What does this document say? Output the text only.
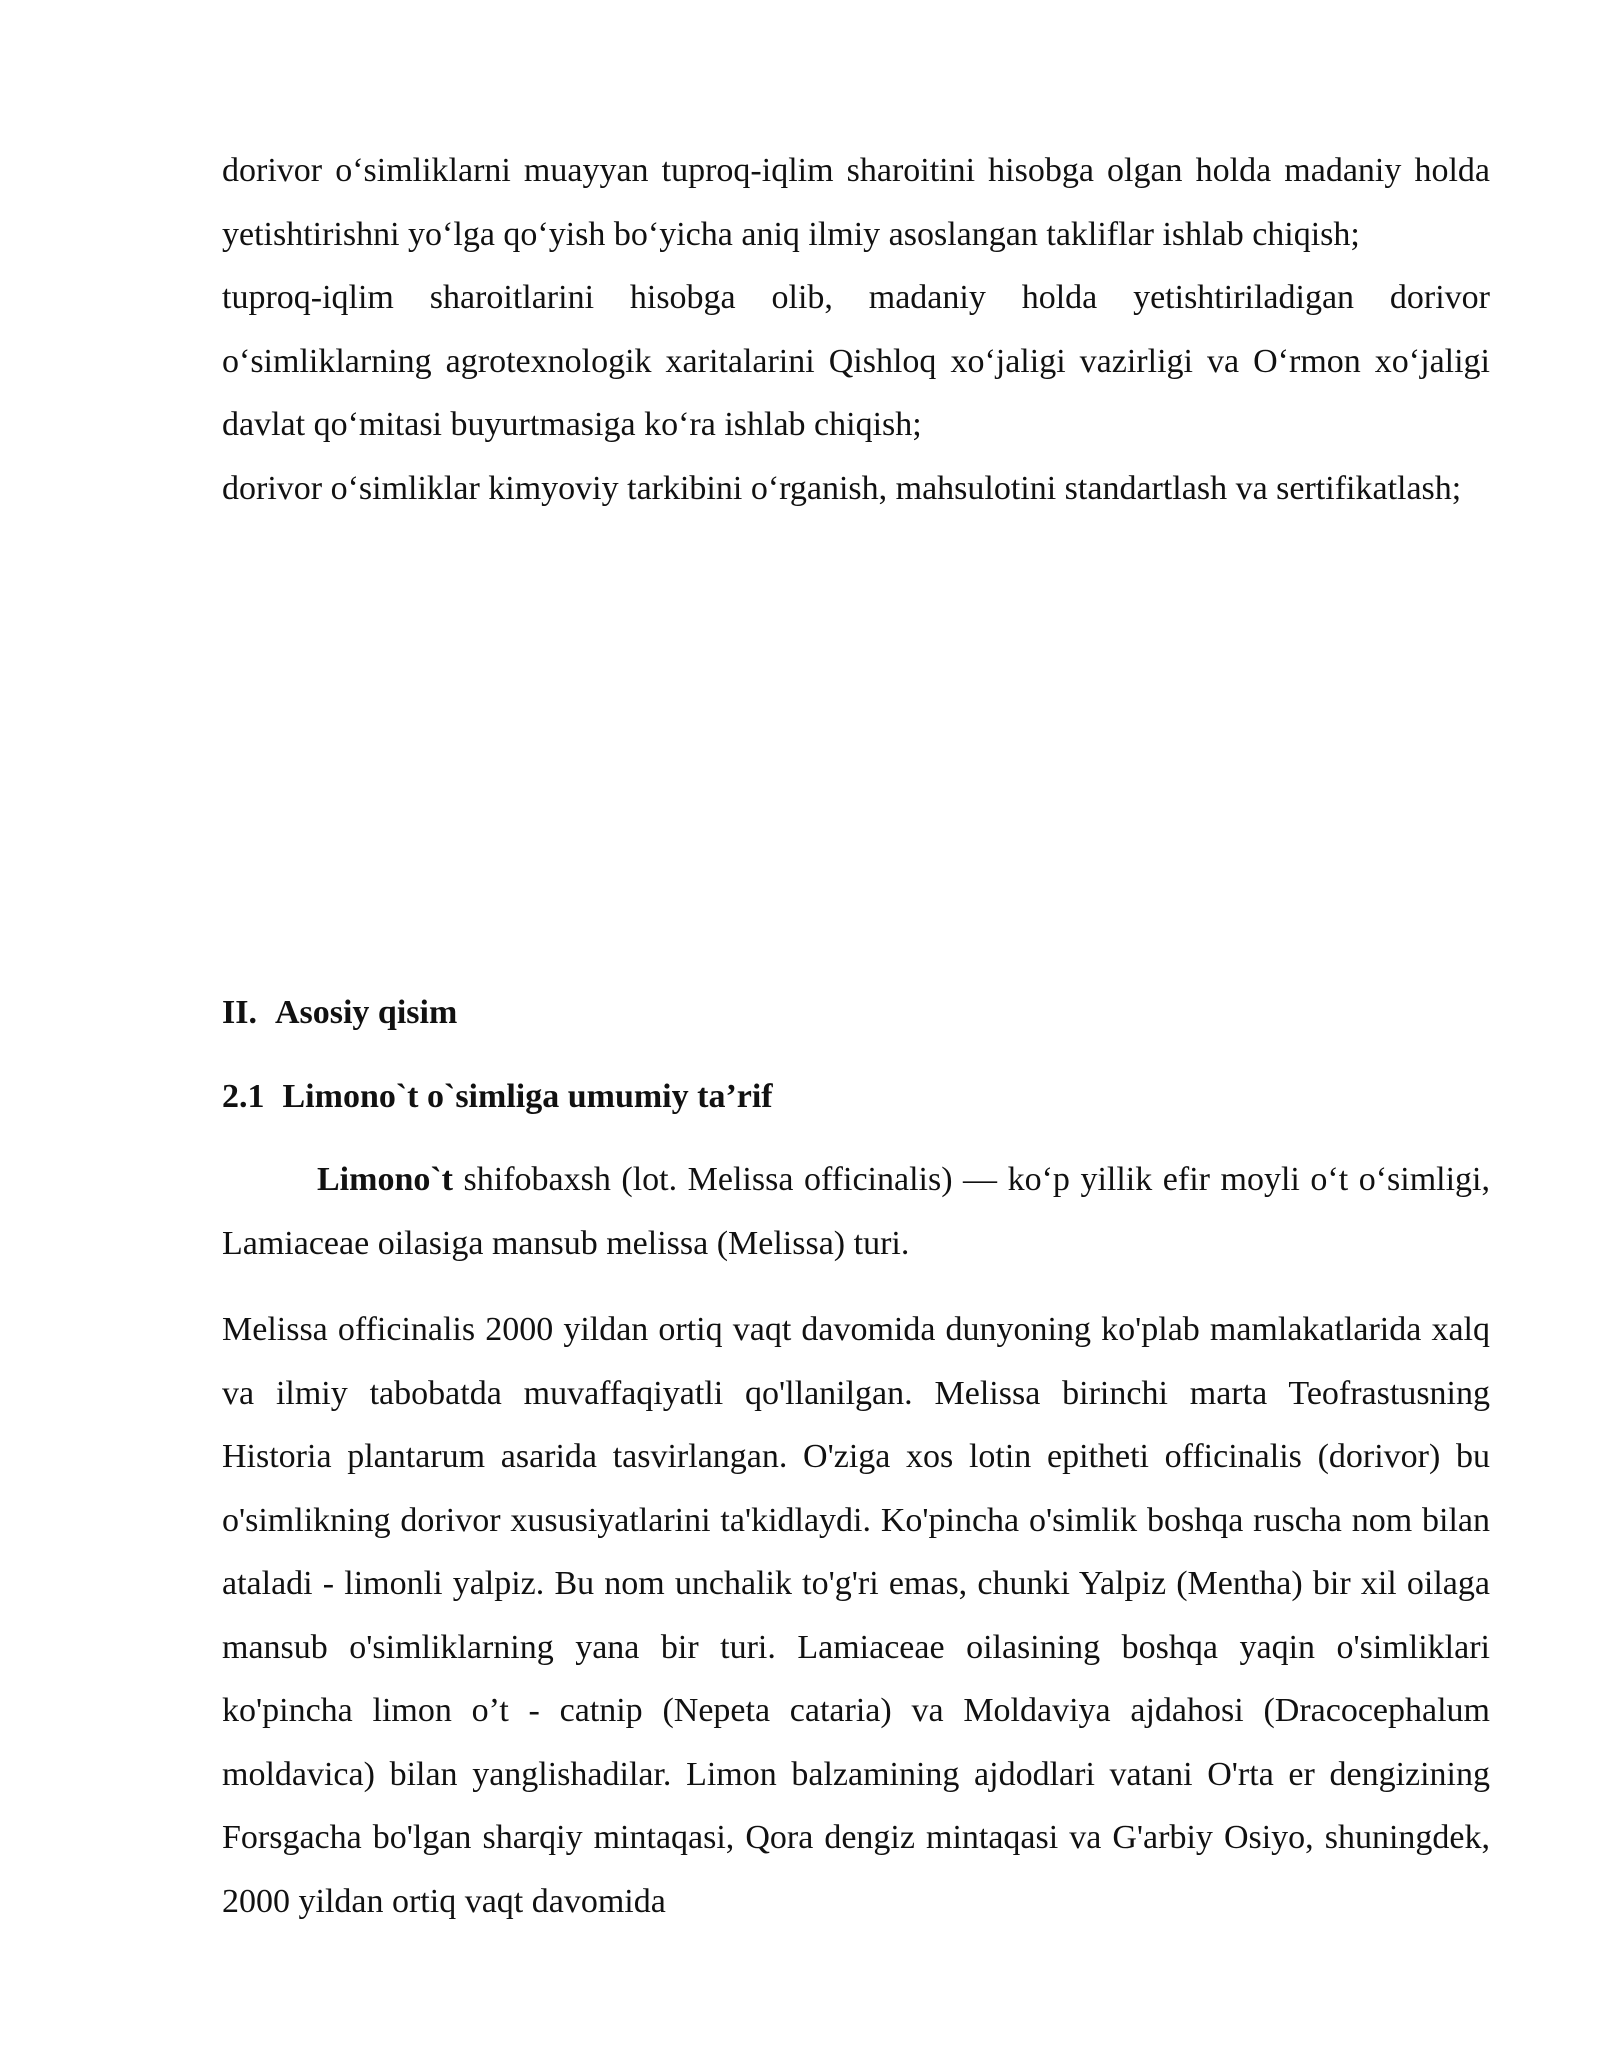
dorivor o‘simliklarni muayyan tuproq-iqlim sharoitini hisobga olgan holda madaniy holda yetishtirishni yo‘lga qo‘yish bo‘yicha aniq ilmiy asoslangan takliflar ishlab chiqish;

tuproq-iqlim sharoitlarini hisobga olib, madaniy holda yetishtiriladigan dorivor o‘simliklarning agrotexnologik xaritalarini Qishloq xo‘jaligi vazirligi va O‘rmon xo‘jaligi davlat qo‘mitasi buyurtmasiga ko‘ra ishlab chiqish;

dorivor o‘simliklar kimyoviy tarkibini o‘rganish, mahsulotini standartlash va sertifikatlash;

II. Asosiy qisim
2.1 Limono`t o`simliga umumiy ta’rif

Limono`t shifobaxsh (lot. Melissa officinalis) — ko‘p yillik efir moyli o‘t o‘simligi, Lamiaceae oilasiga mansub melissa (Melissa) turi.

Melissa officinalis 2000 yildan ortiq vaqt davomida dunyoning ko'plab mamlakatlarida xalq va ilmiy tabobatda muvaffaqiyatli qo'llanilgan. Melissa birinchi marta Teofrastusning Historia plantarum asarida tasvirlangan. O'ziga xos lotin epitheti officinalis (dorivor) bu o'simlikning dorivor xususiyatlarini ta'kidlaydi. Ko'pincha o'simlik boshqa ruscha nom bilan ataladi - limonli yalpiz. Bu nom unchalik to'g'ri emas, chunki Yalpiz (Mentha) bir xil oilaga mansub o'simliklarning yana bir turi. Lamiaceae oilasining boshqa yaqin o'simliklari ko'pincha limon o’t - catnip (Nepeta cataria) va Moldaviya ajdahosi (Dracocephalum moldavica) bilan yanglishadilar. Limon balzamining ajdodlari vatani O'rta er dengizining Forsgacha bo'lgan sharqiy mintaqasi, Qora dengiz mintaqasi va G'arbiy Osiyo, shuningdek, 2000 yildan ortiq vaqt davomida
